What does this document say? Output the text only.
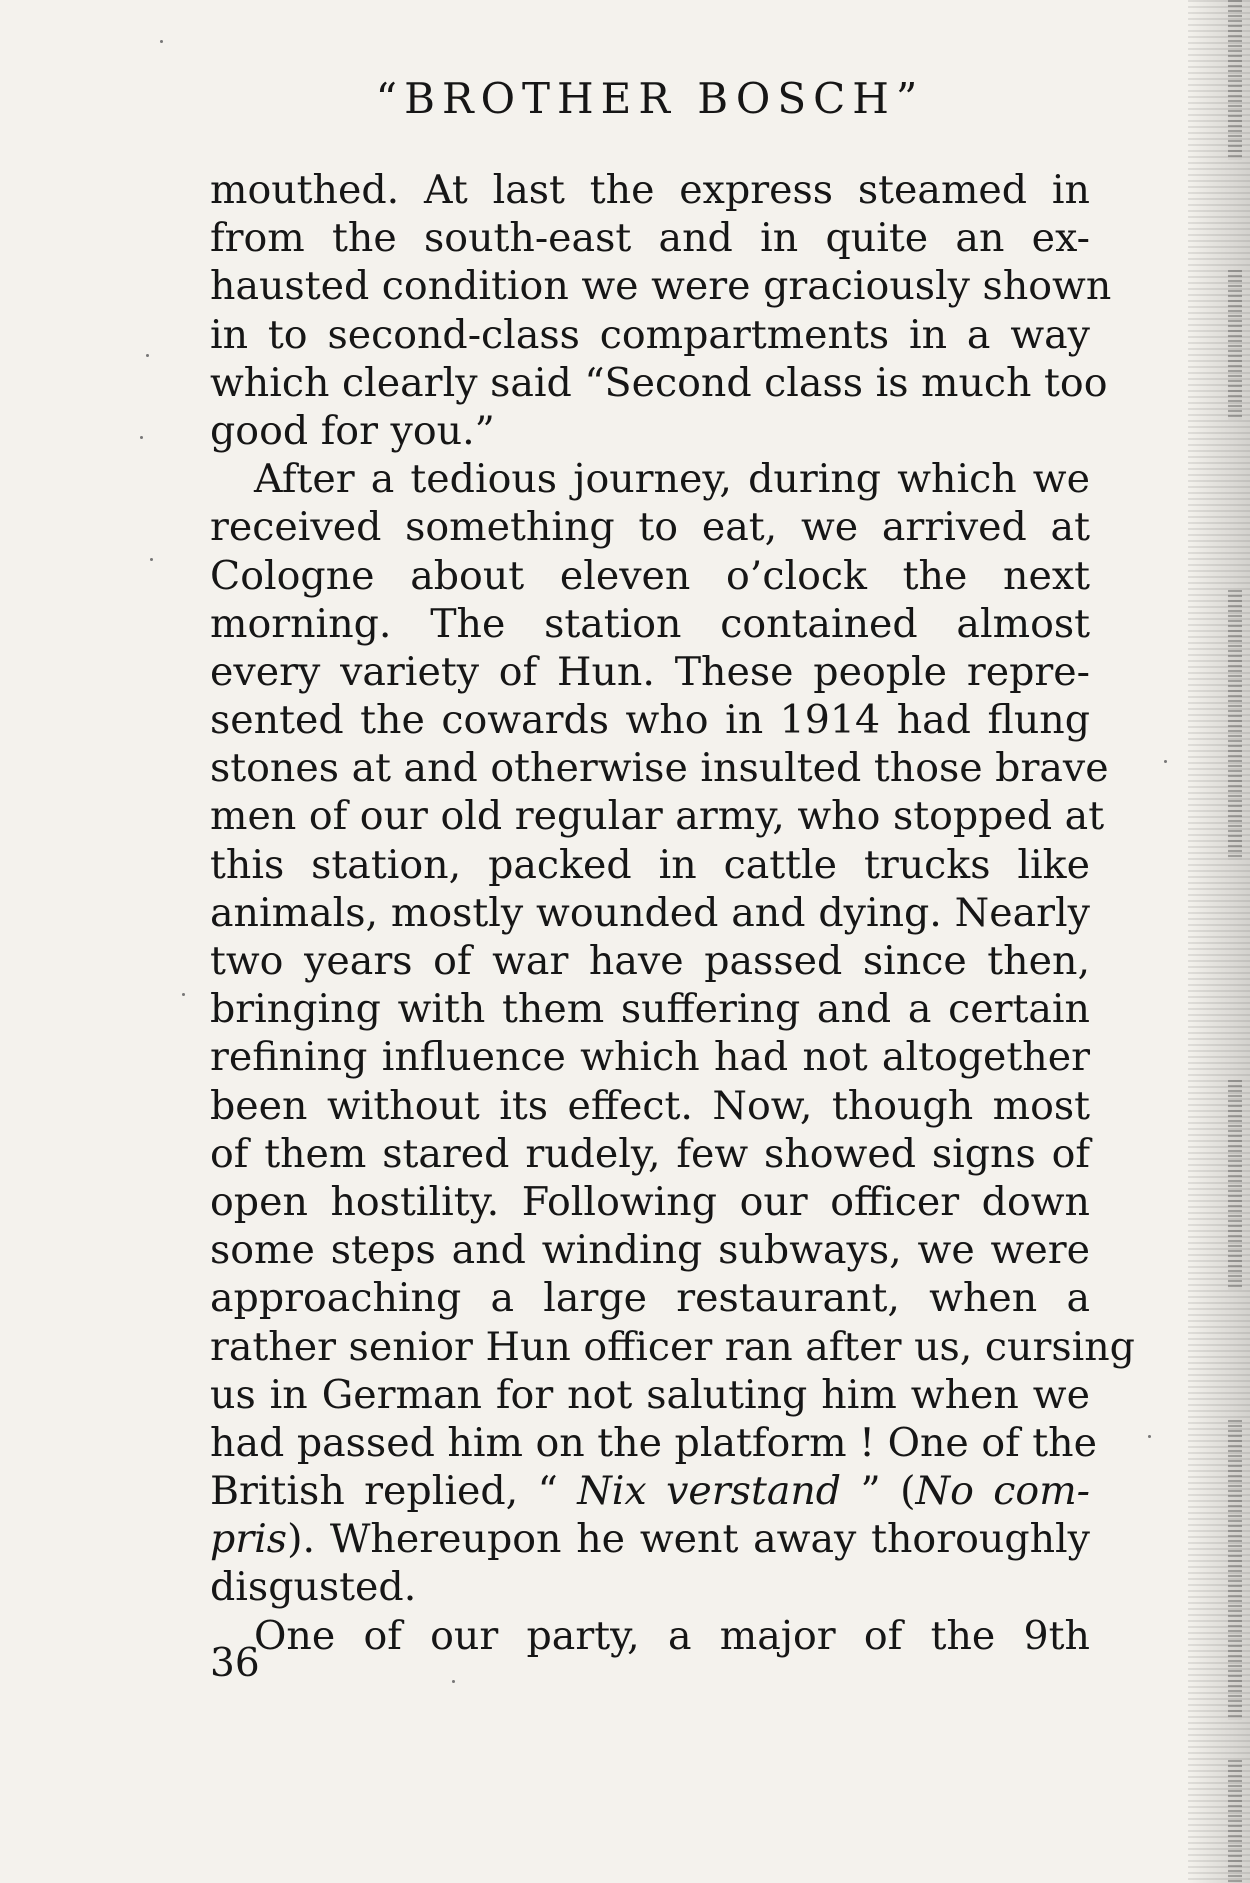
“BROTHER BOSCH”
mouthed. At last the express steamed in
from the south-east and in quite an ex-
hausted condition we were graciously shown
in to second-class compartments in a way
which clearly said “Second class is much too
good for you.”
After a tedious journey, during which we
received something to eat, we arrived at
Cologne about eleven o’clock the next
morning. The station contained almost
every variety of Hun. These people repre-
sented the cowards who in 1914 had flung
stones at and otherwise insulted those brave
men of our old regular army, who stopped at
this station, packed in cattle trucks like
animals, mostly wounded and dying. Nearly
two years of war have passed since then,
bringing with them suffering and a certain
refining influence which had not altogether
been without its effect. Now, though most
of them stared rudely, few showed signs of
open hostility. Following our officer down
some steps and winding subways, we were
approaching a large restaurant, when a
rather senior Hun officer ran after us, cursing
us in German for not saluting him when we
had passed him on the platform ! One of the
British replied, “ Nix verstand ” (No com-
pris). Whereupon he went away thoroughly
disgusted.
One of our party, a major of the 9th
36
